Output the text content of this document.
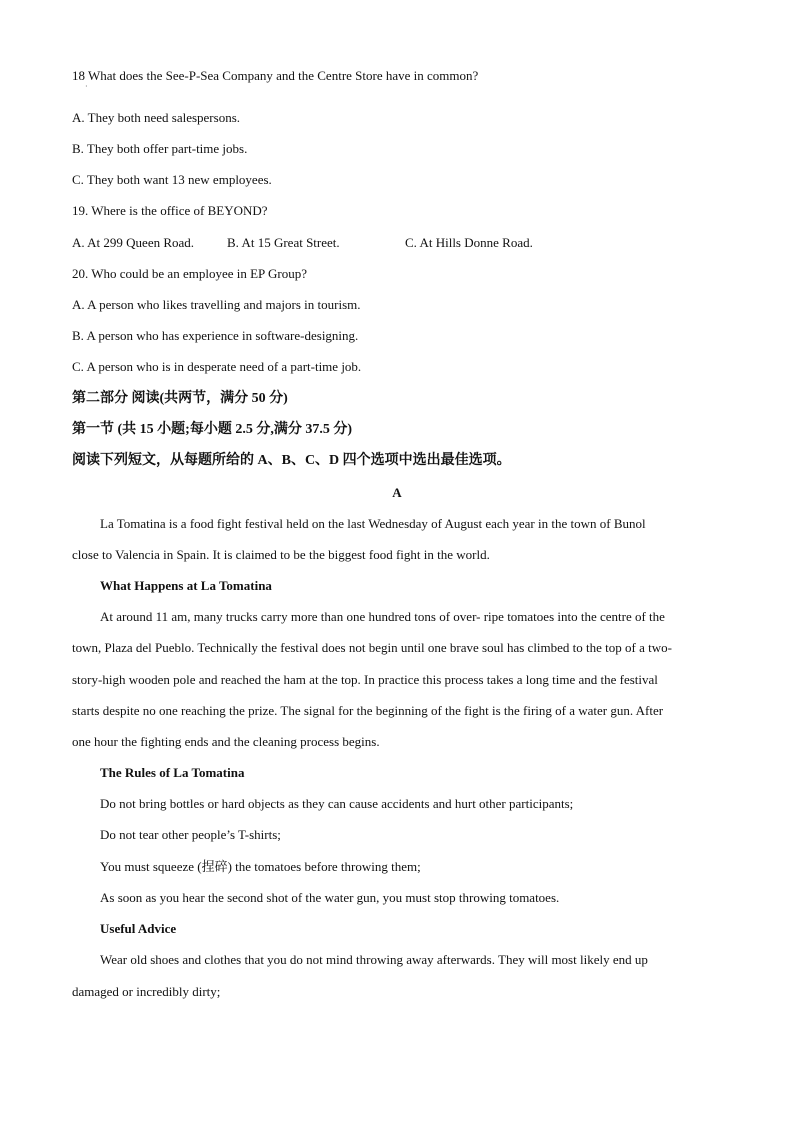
18 What does the See-P-Sea Company and the Centre Store have in common?
·
A. They both need salespersons.
B. They both offer part-time jobs.
C. They both want 13 new employees.
19. Where is the office of BEYOND?
A. At 299 Queen Road.	B. At 15 Great Street.	C. At Hills Donne Road.
20. Who could be an employee in EP Group?
A. A person who likes travelling and majors in tourism.
B. A person who has experience in software-designing.
C. A person who is in desperate need of a part-time job.
第二部分 阅读(共两节，满分 50 分)
第一节 (共 15 小题;每小题 2.5 分,满分 37.5 分)
阅读下列短文，从每题所给的 A、B、C、D 四个选项中选出最佳选项。
A
La Tomatina is a food fight festival held on the last Wednesday of August each year in the town of Bunol
close to Valencia in Spain. It is claimed to be the biggest food fight in the world.
What Happens at La Tomatina
At around 11 am, many trucks carry more than one hundred tons of over- ripe tomatoes into the centre of the
town, Plaza del Pueblo. Technically the festival does not begin until one brave soul has climbed to the top of a two-
story-high wooden pole and reached the ham at the top. In practice this process takes a long time and the festival
starts despite no one reaching the prize. The signal for the beginning of the fight is the firing of a water gun. After
one hour the fighting ends and the cleaning process begins.
The Rules of La Tomatina
Do not bring bottles or hard objects as they can cause accidents and hurt other participants;
Do not tear other people’s T-shirts;
You must squeeze (捏碎) the tomatoes before throwing them;
As soon as you hear the second shot of the water gun, you must stop throwing tomatoes.
Useful Advice
Wear old shoes and clothes that you do not mind throwing away afterwards. They will most likely end up
damaged or incredibly dirty;
